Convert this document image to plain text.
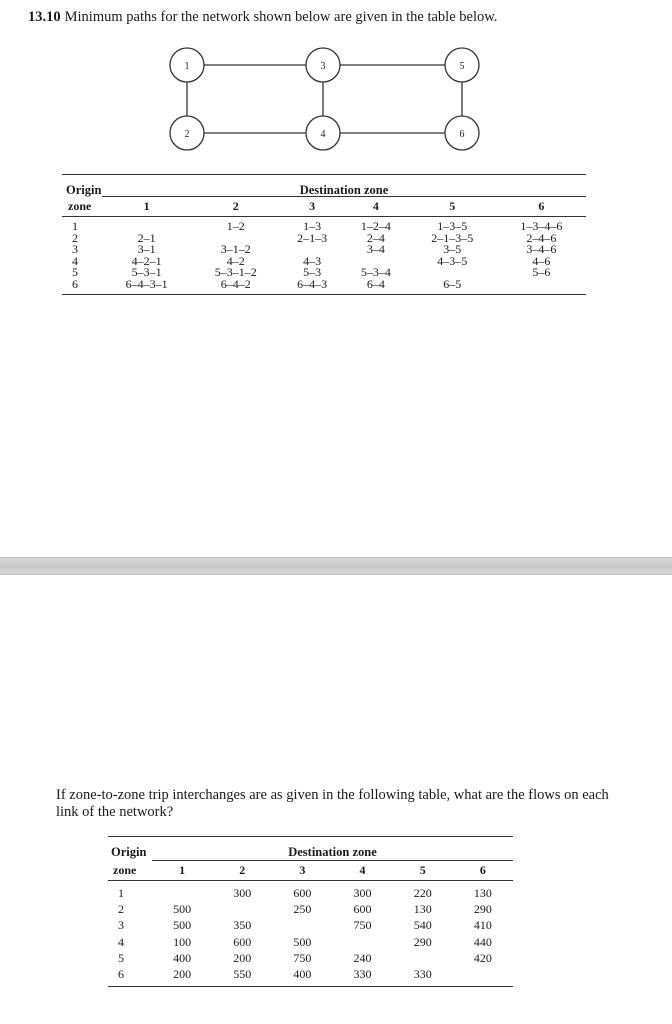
13.10 Minimum paths for the network shown below are given in the table below.
1
2
3
4
5
6
Origin	Destination zone					

zone	1	2	3	4	5	6
1		1–2	1–3	1–2–4	1–3–5	1–3–4–6
2	2–1		2–1–3	2–4	2–1–3–5	2–4–6
3	3–1	3–1–2		3–4	3–5	3–4–6
4	4–2–1	4–2	4–3		4–3–5	4–6
5	5–3–1	5–3–1–2	5–3	5–3–4		5–6
6	6–4–3–1	6–4–2	6–4–3	6–4	6–5	
If zone-to-zone trip interchanges are as given in the following table, what are the flows on each link of the network?
Origin	Destination zone					

zone	1	2	3	4	5	6
1		300	600	300	220	130
2	500		250	600	130	290
3	500	350		750	540	410
4	100	600	500		290	440
5	400	200	750	240		420
6	200	550	400	330	330	
